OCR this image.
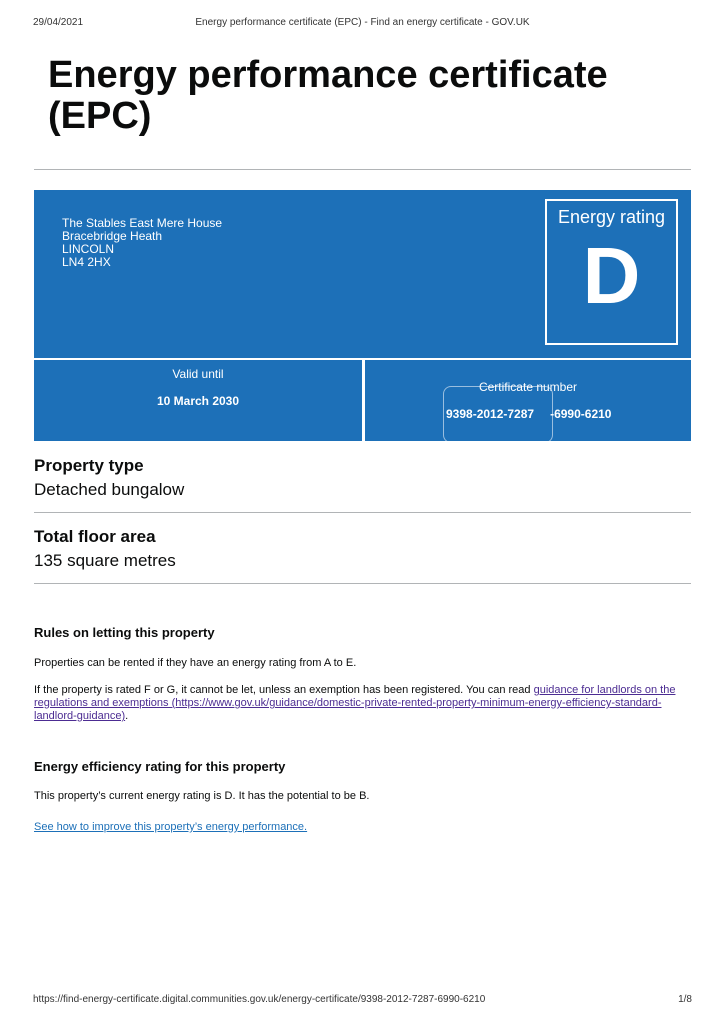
29/04/2021	Energy performance certificate (EPC) - Find an energy certificate - GOV.UK
Energy performance certificate (EPC)
The Stables East Mere House
Bracebridge Heath
LINCOLN
LN4 2HX
Energy rating
D
Valid until
10 March 2030
Certificate number
9398-2012-7287 -6990-6210
Property type

Detached bungalow

Total floor area

135 square metres

Rules on letting this property

Properties can be rented if they have an energy rating from A to E.

If the property is rated F or G, it cannot be let, unless an exemption has been registered. You can read guidance for landlords on the regulations and exemptions (https://www.gov.uk/guidance/domestic-private-rented-property-minimum-energy-efficiency-standard-landlord-guidance).

Energy efficiency rating for this property

This property’s current energy rating is D. It has the potential to be B.

See how to improve this property’s energy performance.

https://find-energy-certificate.digital.communities.gov.uk/energy-certificate/9398-2012-7287-6990-6210	1/8
